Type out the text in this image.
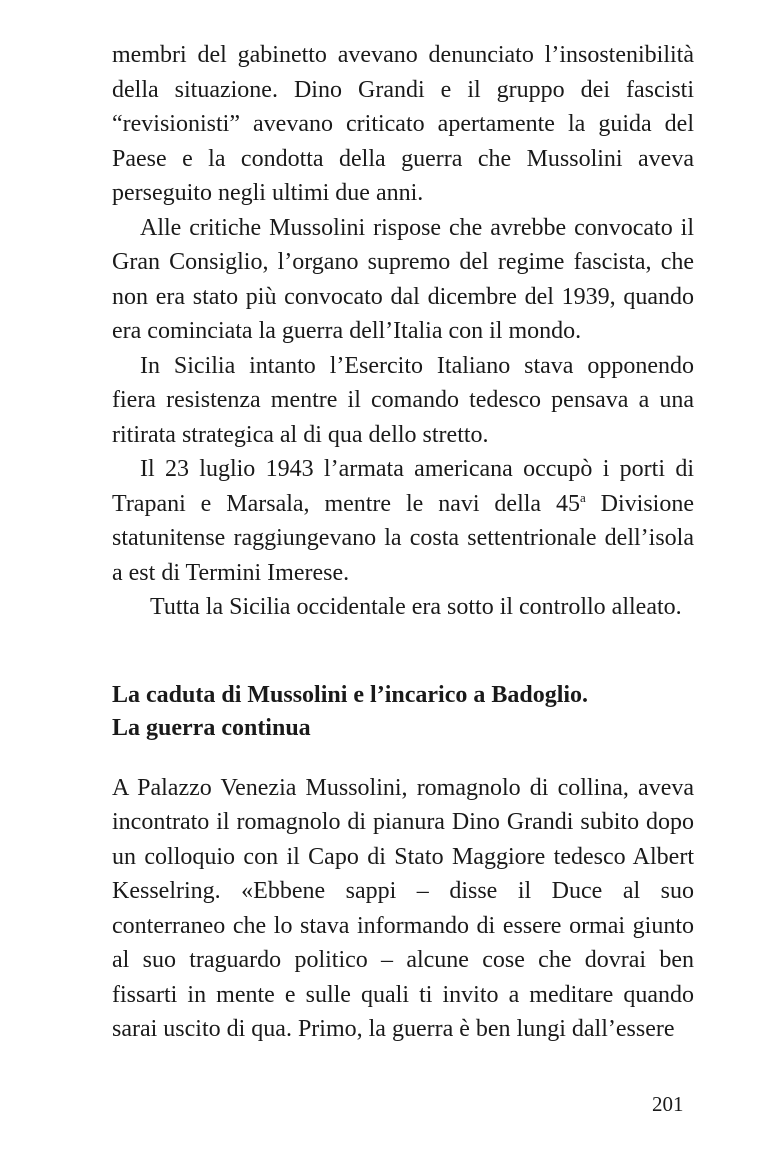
membri del gabinetto avevano denunciato l’insostenibilità della situazione. Dino Grandi e il gruppo dei fascisti “revisionisti” avevano criticato apertamente la guida del Paese e la condotta della guerra che Mussolini aveva perseguito negli ultimi due anni.

Alle critiche Mussolini rispose che avrebbe convocato il Gran Consiglio, l’organo supremo del regime fascista, che non era stato più convocato dal dicembre del 1939, quando era cominciata la guerra dell’Italia con il mondo.

In Sicilia intanto l’Esercito Italiano stava opponendo fiera resistenza mentre il comando tedesco pensava a una ritirata strategica al di qua dello stretto.

Il 23 luglio 1943 l’armata americana occupò i porti di Trapani e Marsala, mentre le navi della 45$^a$ Divisione statunitense raggiungevano la costa settentrionale dell’isola a est di Termini Imerese.

Tutta la Sicilia occidentale era sotto il controllo alleato.

La caduta di Mussolini e l’incarico a Badoglio.
La guerra continua

A Palazzo Venezia Mussolini, romagnolo di collina, aveva incontrato il romagnolo di pianura Dino Grandi subito dopo un colloquio con il Capo di Stato Maggiore tedesco Albert Kesselring. «Ebbene sappi – disse il Duce al suo conterraneo che lo stava informando di essere ormai giunto al suo traguardo politico – alcune cose che dovrai ben fissarti in mente e sulle quali ti invito a meditare quando sarai uscito di qua. Primo, la guerra è ben lungi dall’essere

201
